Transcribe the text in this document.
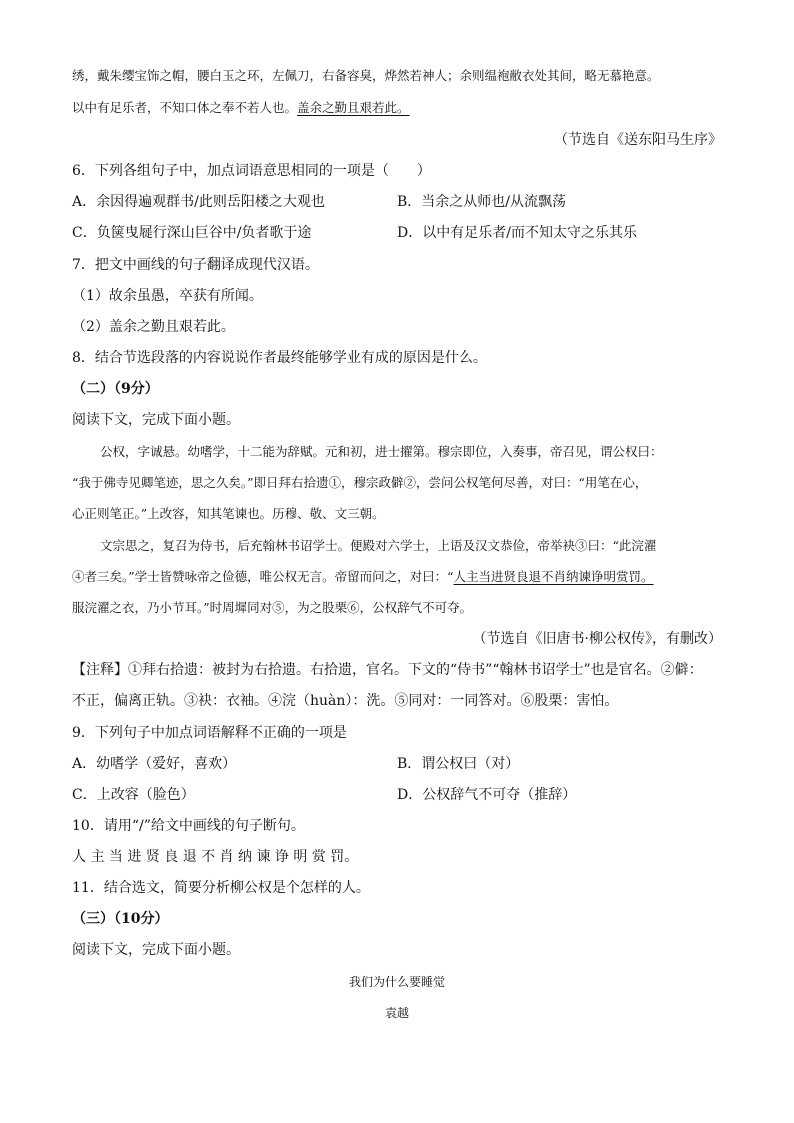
绣，戴朱缨宝饰之帽，腰白玉之环，左佩刀，右备容臭，烨然若神人；余则缊袍敝衣处其间，略无慕艳意。
以中有足乐者，不知口体之奉不若人也。盖余之勤且艰若此。
（节选自《送东阳马生序》
6．下列各组句子中，加点词语意思相同的一项是（　　）
A．余因得遍观群书/此则岳阳楼之大观也	B．当余之从师也/从流飘荡
C．负箧曳屣行深山巨谷中/负者歌于途	D．以中有足乐者/而不知太守之乐其乐
7．把文中画线的句子翻译成现代汉语。
（1）故余虽愚，卒获有所闻。
（2）盖余之勤且艰若此。
8．结合节选段落的内容说说作者最终能够学业有成的原因是什么。
（二）（9分）
阅读下文，完成下面小题。
公权，字诚悬。幼嗜学，十二能为辞赋。元和初，进士擢第。穆宗即位，入奏事，帝召见，谓公权曰：
“我于佛寺见卿笔迹，思之久矣。”即日拜右拾遗①，穆宗政僻②，尝问公权笔何尽善，对曰：“用笔在心，
心正则笔正。”上改容，知其笔谏也。历穆、敬、文三朝。
文宗思之，复召为侍书，后充翰林书诏学士。便殿对六学士，上语及汉文恭俭，帝举袂③曰：“此浣濯
④者三矣。”学士皆赞咏帝之俭德，唯公权无言。帝留而问之，对曰：“人主当进贤良退不肖纳谏诤明赏罚。
服浣濯之衣，乃小节耳。”时周墀同对⑤，为之股栗⑥，公权辞气不可夺。
（节选自《旧唐书·柳公权传》，有删改）
【注释】①拜右拾遗：被封为右拾遗。右拾遗，官名。下文的“侍书”“翰林书诏学士”也是官名。②僻：
不正，偏离正轨。③袂：衣袖。④浣（huàn）：洗。⑤同对：一同答对。⑥股栗：害怕。
9．下列句子中加点词语解释不正确的一项是
A．幼嗜学（爱好，喜欢）	B．谓公权曰（对）
C．上改容（脸色）	D．公权辞气不可夺（推辞）
10．请用“/”给文中画线的句子断句。
人 主 当 进 贤 良 退 不 肖 纳 谏 诤 明 赏 罚。
11．结合选文，简要分析柳公权是个怎样的人。
（三）（10分）
阅读下文，完成下面小题。
我们为什么要睡觉
袁越
